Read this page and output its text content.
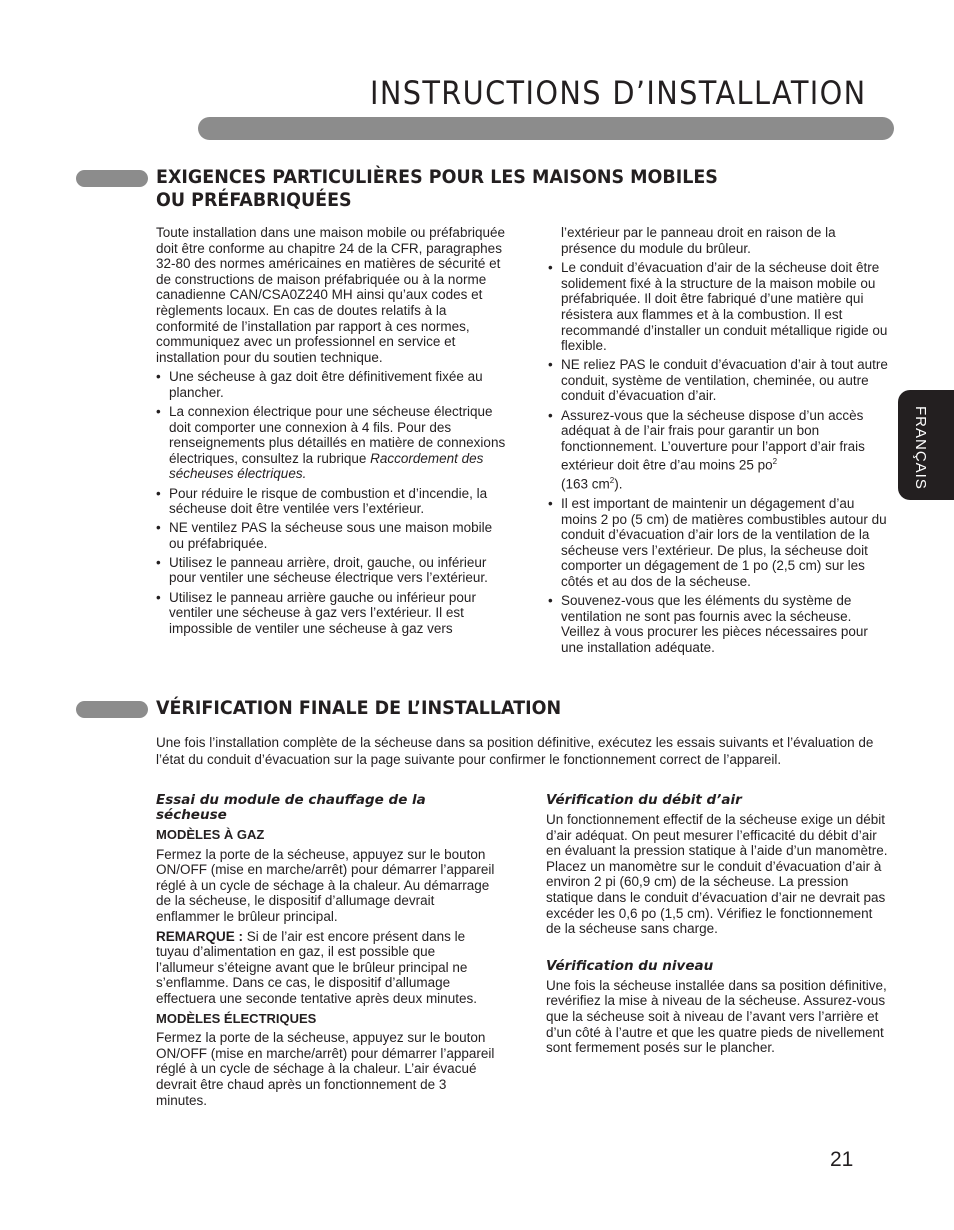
INSTRUCTIONS D’INSTALLATION
FRANÇAIS
EXIGENCES PARTICULIÈRES POUR LES MAISONS MOBILES OU PRÉFABRIQUÉES

Toute installation dans une maison mobile ou préfabriquée doit être conforme au chapitre 24 de la CFR, paragraphes 32-80 des normes américaines en matières de sécurité et de constructions de maison préfabriquée ou à la norme canadienne CAN/CSA0Z240 MH ainsi qu’aux codes et règlements locaux. En cas de doutes relatifs à la conformité de l’installation par rapport à ces normes, communiquez avec un professionnel en service et installation pour du soutien technique.

• Une sécheuse à gaz doit être définitivement fixée au plancher.
• La connexion électrique pour une sécheuse électrique doit comporter une connexion à 4 fils. Pour des renseignements plus détaillés en matière de connexions électriques, consultez la rubrique Raccordement des sécheuses électriques.
• Pour réduire le risque de combustion et d’incendie, la sécheuse doit être ventilée vers l’extérieur.
• NE ventilez PAS la sécheuse sous une maison mobile ou préfabriquée.
• Utilisez le panneau arrière, droit, gauche, ou inférieur pour ventiler une sécheuse électrique vers l’extérieur.
• Utilisez le panneau arrière gauche ou inférieur pour ventiler une sécheuse à gaz vers l’extérieur. Il est impossible de ventiler une sécheuse à gaz vers

l’extérieur par le panneau droit en raison de la présence du module du brûleur.

• Le conduit d’évacuation d’air de la sécheuse doit être solidement fixé à la structure de la maison mobile ou préfabriquée. Il doit être fabriqué d’une matière qui résistera aux flammes et à la combustion. Il est recommandé d’installer un conduit métallique rigide ou flexible.
• NE reliez PAS le conduit d’évacuation d’air à tout autre conduit, système de ventilation, cheminée, ou autre conduit d’évacuation d’air.
• Assurez-vous que la sécheuse dispose d’un accès adéquat à de l’air frais pour garantir un bon fonctionnement. L’ouverture pour l’apport d’air frais extérieur doit être d’au moins 25 $po^2$
(163 $cm^2$).
• Il est important de maintenir un dégagement d’au moins 2 po (5 cm) de matières combustibles autour du conduit d’évacuation d’air lors de la ventilation de la sécheuse vers l’extérieur. De plus, la sécheuse doit comporter un dégagement de 1 po (2,5 cm) sur les côtés et au dos de la sécheuse.
• Souvenez-vous que les éléments du système de ventilation ne sont pas fournis avec la sécheuse. Veillez à vous procurer les pièces nécessaires pour une installation adéquate.
VÉRIFICATION FINALE DE L’INSTALLATION
Une fois l’installation complète de la sécheuse dans sa position définitive, exécutez les essais suivants et l’évaluation de l’état du conduit d’évacuation sur la page suivante pour confirmer le fonctionnement correct de l’appareil.

Essai du module de chauffage de la sécheuse

MODÈLES À GAZ

Fermez la porte de la sécheuse, appuyez sur le bouton ON/OFF (mise en marche/arrêt) pour démarrer l’appareil réglé à un cycle de séchage à la chaleur. Au démarrage de la sécheuse, le dispositif d’allumage devrait enflammer le brûleur principal.

REMARQUE : Si de l’air est encore présent dans le tuyau d’alimentation en gaz, il est possible que l’allumeur s’éteigne avant que le brûleur principal ne s’enflamme. Dans ce cas, le dispositif d’allumage effectuera une seconde tentative après deux minutes.

MODÈLES ÉLECTRIQUES

Fermez la porte de la sécheuse, appuyez sur le bouton ON/OFF (mise en marche/arrêt) pour démarrer l’appareil réglé à un cycle de séchage à la chaleur. L’air évacué devrait être chaud après un fonctionnement de 3 minutes.

Vérification du débit d’air

Un fonctionnement effectif de la sécheuse exige un débit d’air adéquat. On peut mesurer l’efficacité du débit d’air en évaluant la pression statique à l’aide d’un manomètre. Placez un manomètre sur le conduit d’évacuation d’air à environ 2 pi (60,9 cm) de la sécheuse. La pression statique dans le conduit d’évacuation d’air ne devrait pas excéder les 0,6 po (1,5 cm). Vérifiez le fonctionnement de la sécheuse sans charge.

Vérification du niveau

Une fois la sécheuse installée dans sa position définitive, revérifiez la mise à niveau de la sécheuse. Assurez-vous que la sécheuse soit à niveau de l’avant vers l’arrière et d’un côté à l’autre et que les quatre pieds de nivellement sont fermement posés sur le plancher.

21
